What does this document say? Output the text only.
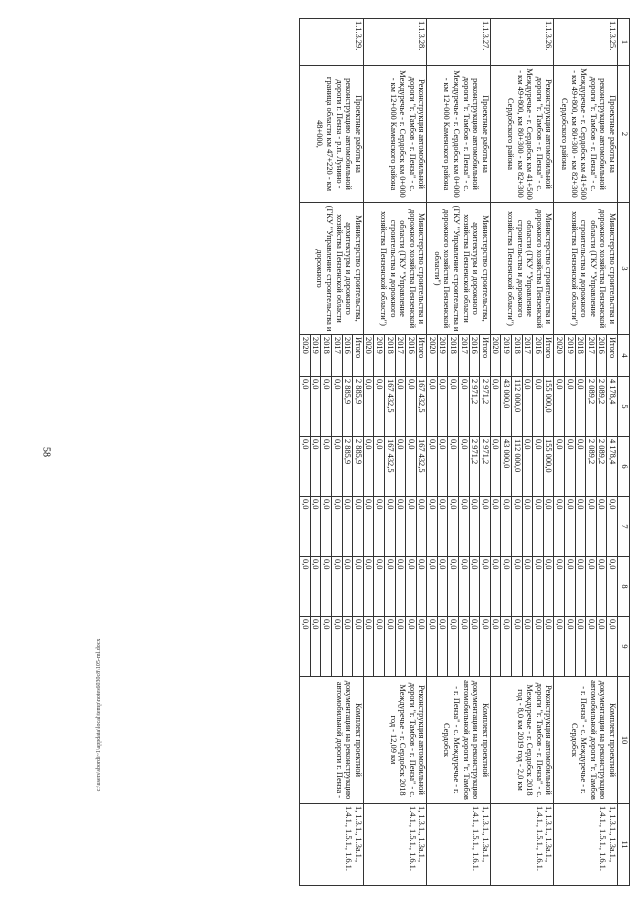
58
1	2	3	4	5	6	7	8	9	10	11
1.1.3.25.	Проектные работы на реконструкцию автомобильной дороги "г. Тамбов - г. Пенза" - с. Междуречье - г. Сердобск км 41+500 - км 49+800, км 80+300 - км 82+300 Сердобского района	Министерство строительства и дорожного хозяйства Пензенской области (ГКУ "Управление строительства и дорожного хозяйства Пензенской области")	Итого	4 178,4	4 178,4	0,0	0,0	0,0	Комплект проектной документации на реконструкцию автомобильной дороги "г. Тамбов - г. Пенза" - с. Междуречье - г. Сердобск	1, 1.3.1., 1.3а.1., 1.4.1., 1.5.1., 1.6.1.
			2016	2 089,2	2 089,2	0,0	0,0	0,0		
			2017	2 089,2	2 089,2	0,0	0,0	0,0		
			2018	0,0	0,0	0,0	0,0	0,0		
			2019	0,0	0,0	0,0	0,0	0,0		
			2020	0,0	0,0	0,0	0,0	0,0		
1.1.3.26.	Реконструкция автомобильной дороги "г. Тамбов - г. Пенза" - с. Междуречье - г. Сердобск км 41+500 - км 49+800, км 80+300 - км 82+300 Сердобского района	Министерство строительства и дорожного хозяйства Пензенской области (ГКУ "Управление строительства и дорожного хозяйства Пензенской области")	Итого	155 000,0	155 000,0	0,0	0,0	0,0	Реконструкция автомобильной дороги "г. Тамбов - г. Пенза" - с. Междуречье - г. Сердобск 2018 год - 8,0 км 2019 год - 2,0 км	1, 1.3.1., 1.3а.1., 1.4.1., 1.5.1., 1.6.1.
			2016	0,0	0,0	0,0	0,0	0,0		
			2017	0,0	0,0	0,0	0,0	0,0		
			2018	112 000,0	112 000,0	0,0	0,0	0,0		
			2019	43 000,0	43 000,0	0,0	0,0	0,0		
			2020	0,0	0,0	0,0	0,0	0,0		
1.1.3.27.	Проектные работы на реконструкцию автомобильной дороги "г. Тамбов - г. Пенза" - с. Междуречье - г. Сердобск км 0+000 - км 12+000 Каменского района	Министерство строительства, архитектуры и дорожного хозяйства Пензенской области (ГКУ "Управление строительства и дорожного хозяйства Пензенской области")	Итого	2 971,2	2 971,2	0,0	0,0	0,0	Комплект проектной документации на реконструкцию автомобильной дороги "г. Тамбов - г. Пенза" - с. Междуречье - г. Сердобск	1, 1.3.1., 1.3а.1., 1.4.1., 1.5.1., 1.6.1.
			2016	2 971,2	2 971,2	0,0	0,0	0,0		
			2017	0,0	0,0	0,0	0,0	0,0		
			2018	0,0	0,0	0,0	0,0	0,0		
			2019	0,0	0,0	0,0	0,0	0,0		
			2020	0,0	0,0	0,0	0,0	0,0		
1.1.3.28.	Реконструкция автомобильной дороги "г. Тамбов - г. Пенза" - с. Междуречье - г. Сердобск км 0+000 - км 12+000 Каменского района	Министерство строительства и дорожного хозяйства Пензенской области (ГКУ "Управление строительства и дорожного хозяйства Пензенской области")	Итого	167 432,5	167 432,5	0,0	0,0	0,0	Реконструкция автомобильной дороги "г. Тамбов - г. Пенза" - с. Междуречье - г. Сердобск 2018 год - 12,09 км	1, 1.3.1., 1.3а.1., 1.4.1., 1.5.1., 1.6.1.
			2016	0,0	0,0	0,0	0,0	0,0		
			2017	0,0	0,0	0,0	0,0	0,0		
			2018	167 432,5	167 432,5	0,0	0,0	0,0		
			2019	0,0	0,0	0,0	0,0	0,0		
			2020	0,0	0,0	0,0	0,0	0,0		
1.1.3.29.	Проектные работы на реконструкцию автомобильной дороги г. Пенза - р.п. Лунино - граница области км 47+220 - км 48+000,	Министерство строительства, архитектуры и дорожного хозяйства Пензенской области (ГКУ "Управление строительства и дорожного	Итого	2 885,9	2 885,9	0,0	0,0	0,0	Комплект проектной документации на реконструкцию автомобильной дороги г. Пенза -	1, 1.3.1., 1.3а.1., 1.4.1., 1.5.1., 1.6.1.
			2016	2 885,9	2 885,9	0,0	0,0	0,0		
			2017	0,0	0,0	0,0	0,0	0,0		
			2018	0,0	0,0	0,0	0,0	0,0		
			2019	0,0	0,0	0,0	0,0	0,0		
			2020	0,0	0,0	0,0	0,0	0,0		
c:\users\sbordi~1\appdata\local\temp\notes6030c8\105-ml.docx
